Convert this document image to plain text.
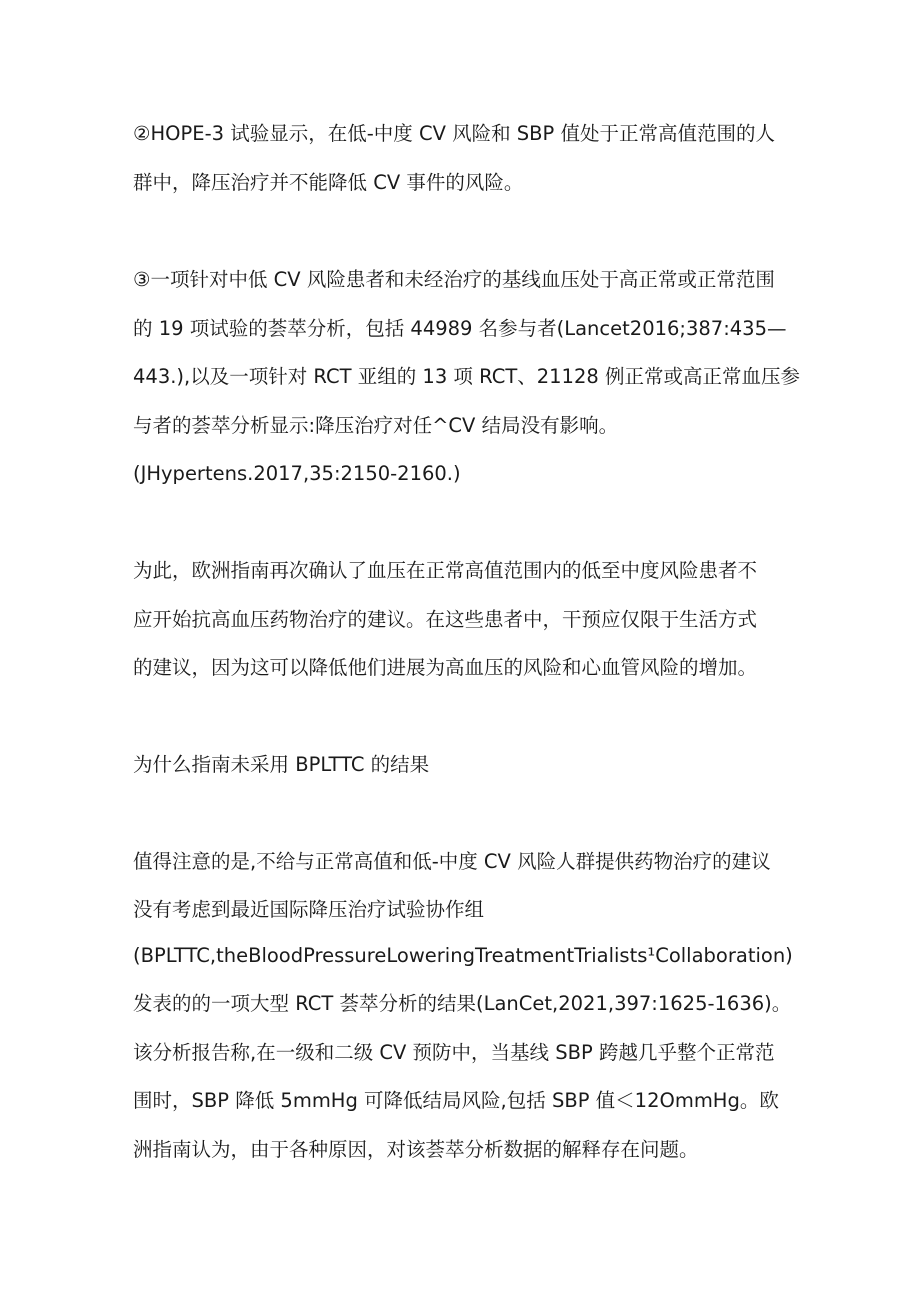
②HOPE-3 试验显示，在低-中度 CV 风险和 SBP 值处于正常高值范围的人
群中，降压治疗并不能降低 CV 事件的风险。
③一项针对中低 CV 风险患者和未经治疗的基线血压处于高正常或正常范围
的 19 项试验的荟萃分析，包括 44989 名参与者(Lancet2016;387:435—
443.),以及一项针对 RCT 亚组的 13 项 RCT、21128 例正常或高正常血压参
与者的荟萃分析显示:降压治疗对任^CV 结局没有影响。
(JHypertens.2017,35:2150-2160.)
为此，欧洲指南再次确认了血压在正常高值范围内的低至中度风险患者不
应开始抗高血压药物治疗的建议。在这些患者中，干预应仅限于生活方式
的建议，因为这可以降低他们进展为高血压的风险和心血管风险的增加。
为什么指南未采用 BPLTTC 的结果
值得注意的是,不给与正常高值和低-中度 CV 风险人群提供药物治疗的建议
没有考虑到最近国际降压治疗试验协作组
(BPLTTC,theBloodPressureLoweringTreatmentTrialists¹Collaboration)
发表的的一项大型 RCT 荟萃分析的结果(LanCet,2021,397:1625-1636)。
该分析报告称,在一级和二级 CV 预防中，当基线 SBP 跨越几乎整个正常范
围时，SBP 降低 5mmHg 可降低结局风险,包括 SBP 值＜12OmmHg。欧
洲指南认为，由于各种原因，对该荟萃分析数据的解释存在问题。
